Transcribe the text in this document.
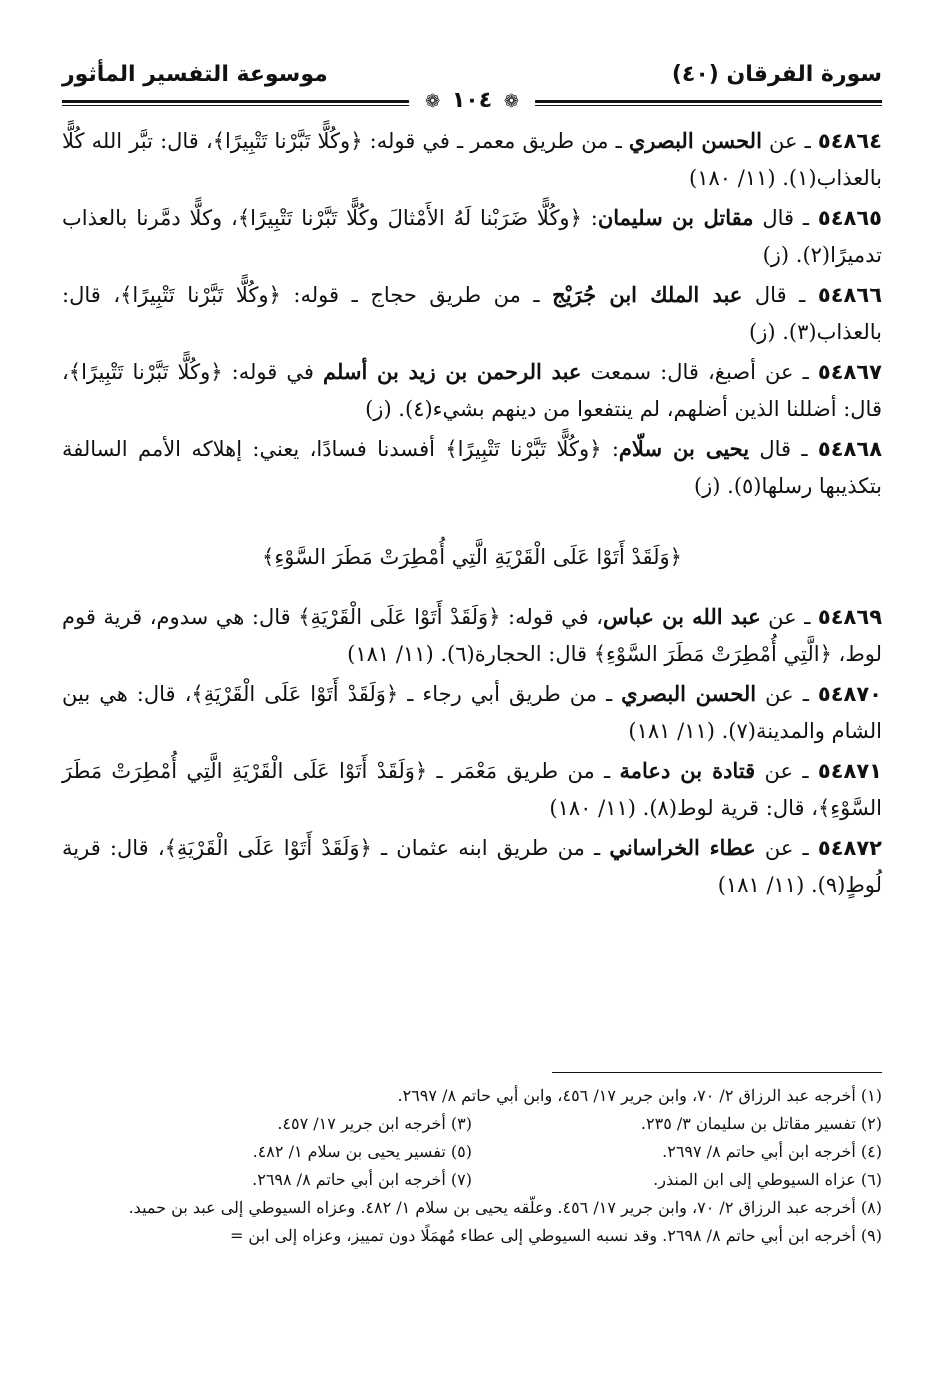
موسوعة التفسير المأثور	سورة الفرقان (٤٠)
❁ ١٠٤ ❁

٥٤٨٦٤ ـ عن الحسن البصري ـ من طريق معمر ـ في قوله: ﴿وكُلًّا تَبَّرْنا تَتْبِيرًا﴾، قال: تبَّر الله كُلًّا بالعذاب(١). (١١/ ١٨٠)

٥٤٨٦٥ ـ قال مقاتل بن سليمان: ﴿وكُلًّا ضَرَبْنا لَهُ الأَمْثالَ وكُلًّا تَبَّرْنا تَتْبِيرًا﴾، وكلًّا دمَّرنا بالعذاب تدميرًا(٢). (ز)

٥٤٨٦٦ ـ قال عبد الملك ابن جُرَيْج ـ من طريق حجاج ـ قوله: ﴿وكُلًّا تَبَّرْنا تَتْبِيرًا﴾، قال: بالعذاب(٣). (ز)

٥٤٨٦٧ ـ عن أصبغ، قال: سمعت عبد الرحمن بن زيد بن أسلم في قوله: ﴿وكُلًّا تَبَّرْنا تَتْبِيرًا﴾، قال: أضللنا الذين أضلهم، لم ينتفعوا من دينهم بشيء(٤). (ز)

٥٤٨٦٨ ـ قال يحيى بن سلّام: ﴿وكُلًّا تَبَّرْنا تَتْبِيرًا﴾ أفسدنا فسادًا، يعني: إهلاكه الأمم السالفة بتكذيبها رسلها(٥). (ز)

﴿وَلَقَدْ أَتَوْا عَلَى الْقَرْيَةِ الَّتِي أُمْطِرَتْ مَطَرَ السَّوْءِ﴾

٥٤٨٦٩ ـ عن عبد الله بن عباس، في قوله: ﴿وَلَقَدْ أَتَوْا عَلَى الْقَرْيَةِ﴾ قال: هي سدوم، قرية قوم لوط، ﴿الَّتِي أُمْطِرَتْ مَطَرَ السَّوْءِ﴾ قال: الحجارة(٦). (١١/ ١٨١)

٥٤٨٧٠ ـ عن الحسن البصري ـ من طريق أبي رجاء ـ ﴿وَلَقَدْ أَتَوْا عَلَى الْقَرْيَةِ﴾، قال: هي بين الشام والمدينة(٧). (١١/ ١٨١)

٥٤٨٧١ ـ عن قتادة بن دعامة ـ من طريق مَعْمَر ـ ﴿وَلَقَدْ أَتَوْا عَلَى الْقَرْيَةِ الَّتِي أُمْطِرَتْ مَطَرَ السَّوْءِ﴾، قال: قرية لوط(٨). (١١/ ١٨٠)

٥٤٨٧٢ ـ عن عطاء الخراساني ـ من طريق ابنه عثمان ـ ﴿وَلَقَدْ أَتَوْا عَلَى الْقَرْيَةِ﴾، قال: قرية لُوطٍ(٩). (١١/ ١٨١)

(١) أخرجه عبد الرزاق ٢/ ٧٠، وابن جرير ١٧/ ٤٥٦، وابن أبي حاتم ٨/ ٢٦٩٧.
(٢) تفسير مقاتل بن سليمان ٣/ ٢٣٥.
(٣) أخرجه ابن جرير ١٧/ ٤٥٧.
(٤) أخرجه ابن أبي حاتم ٨/ ٢٦٩٧.
(٥) تفسير يحيى بن سلام ١/ ٤٨٢.
(٦) عزاه السيوطي إلى ابن المنذر.
(٧) أخرجه ابن أبي حاتم ٨/ ٢٦٩٨.
(٨) أخرجه عبد الرزاق ٢/ ٧٠، وابن جرير ١٧/ ٤٥٦. وعلّقه يحيى بن سلام ١/ ٤٨٢. وعزاه السيوطي إلى عبد بن حميد.
(٩) أخرجه ابن أبي حاتم ٨/ ٢٦٩٨. وقد نسبه السيوطي إلى عطاء مُهمَلًا دون تمييز، وعزاه إلى ابن =
